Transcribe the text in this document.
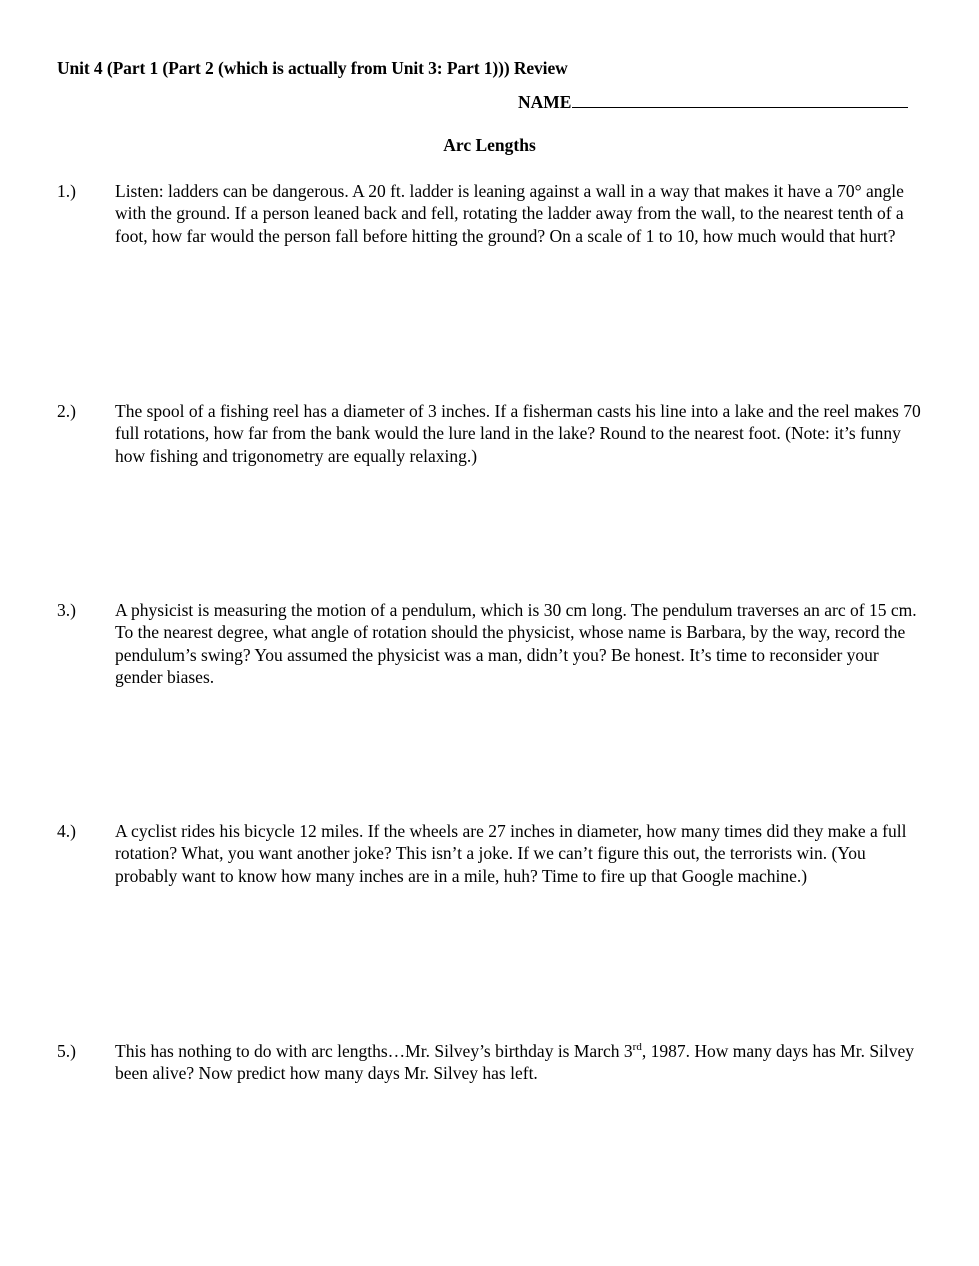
Unit 4 (Part 1 (Part 2 (which is actually from Unit 3: Part 1))) Review
NAME
Arc Lengths
1.) Listen: ladders can be dangerous. A 20 ft. ladder is leaning against a wall in a way that makes it have a 70° angle with the ground. If a person leaned back and fell, rotating the ladder away from the wall, to the nearest tenth of a foot, how far would the person fall before hitting the ground? On a scale of 1 to 10, how much would that hurt?
2.) The spool of a fishing reel has a diameter of 3 inches. If a fisherman casts his line into a lake and the reel makes 70 full rotations, how far from the bank would the lure land in the lake? Round to the nearest foot. (Note: it’s funny how fishing and trigonometry are equally relaxing.)
3.) A physicist is measuring the motion of a pendulum, which is 30 cm long. The pendulum traverses an arc of 15 cm. To the nearest degree, what angle of rotation should the physicist, whose name is Barbara, by the way, record the pendulum’s swing? You assumed the physicist was a man, didn’t you? Be honest. It’s time to reconsider your gender biases.
4.) A cyclist rides his bicycle 12 miles. If the wheels are 27 inches in diameter, how many times did they make a full rotation? What, you want another joke? This isn’t a joke. If we can’t figure this out, the terrorists win. (You probably want to know how many inches are in a mile, huh? Time to fire up that Google machine.)
5.) This has nothing to do with arc lengths…Mr. Silvey’s birthday is March 3rd, 1987. How many days has Mr. Silvey been alive? Now predict how many days Mr. Silvey has left.
